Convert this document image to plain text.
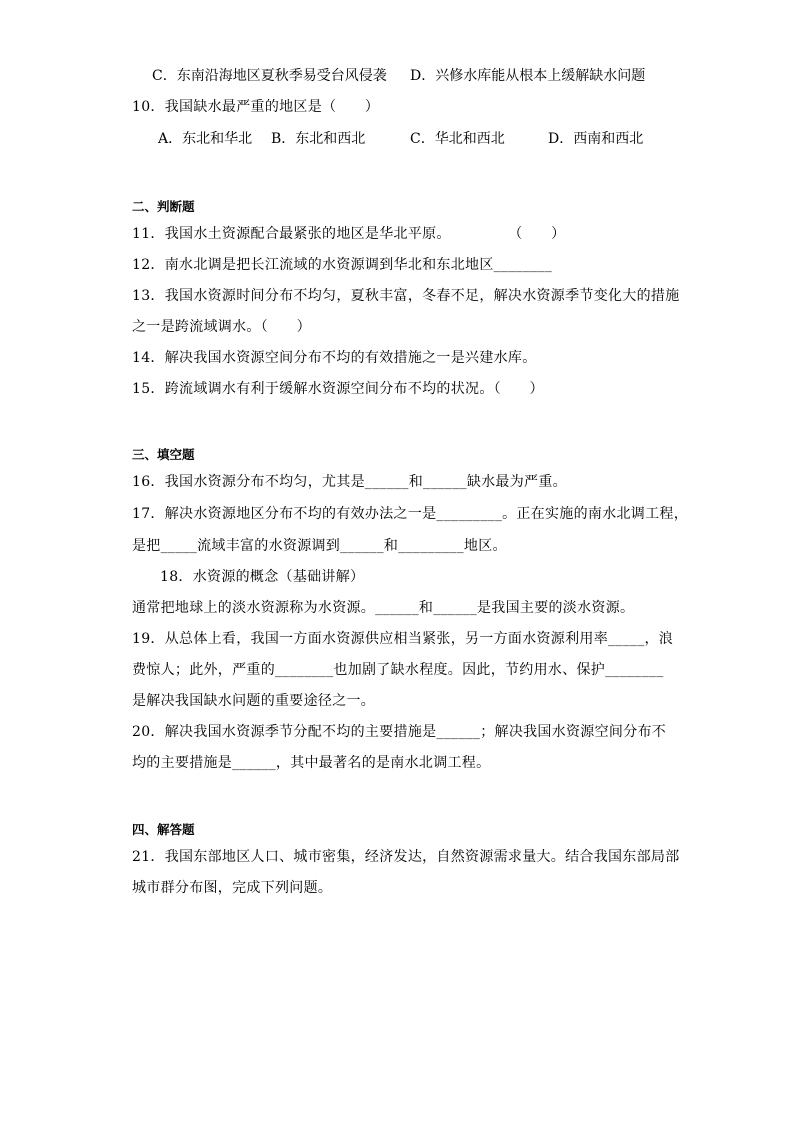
C．东南沿海地区夏秋季易受台风侵袭 D．兴修水库能从根本上缓解缺水问题
10．我国缺水最严重的地区是（　　）
A．东北和华北 B．东北和西北	C．华北和西北	D．西南和西北
二、判断题
11．我国水土资源配合最紧张的地区是华北平原。　　　　　（　　）
12．南水北调是把长江流域的水资源调到华北和东北地区________
13．我国水资源时间分布不均匀，夏秋丰富，冬春不足，解决水资源季节变化大的措施
之一是跨流域调水。（　　）
14．解决我国水资源空间分布不均的有效措施之一是兴建水库。
15．跨流域调水有利于缓解水资源空间分布不均的状况。（　　）
三、填空题
16．我国水资源分布不均匀，尤其是______和______缺水最为严重。
17．解决水资源地区分布不均的有效办法之一是_________。正在实施的南水北调工程，
是把_____流域丰富的水资源调到______和_________地区。
18．水资源的概念（基础讲解）
通常把地球上的淡水资源称为水资源。______和______是我国主要的淡水资源。
19．从总体上看，我国一方面水资源供应相当紧张，另一方面水资源利用率_____，浪
费惊人；此外，严重的________也加剧了缺水程度。因此，节约用水、保护________
是解决我国缺水问题的重要途径之一。
20．解决我国水资源季节分配不均的主要措施是______；解决我国水资源空间分布不
均的主要措施是______，其中最著名的是南水北调工程。
四、解答题
21．我国东部地区人口、城市密集，经济发达，自然资源需求量大。结合我国东部局部
城市群分布图，完成下列问题。
